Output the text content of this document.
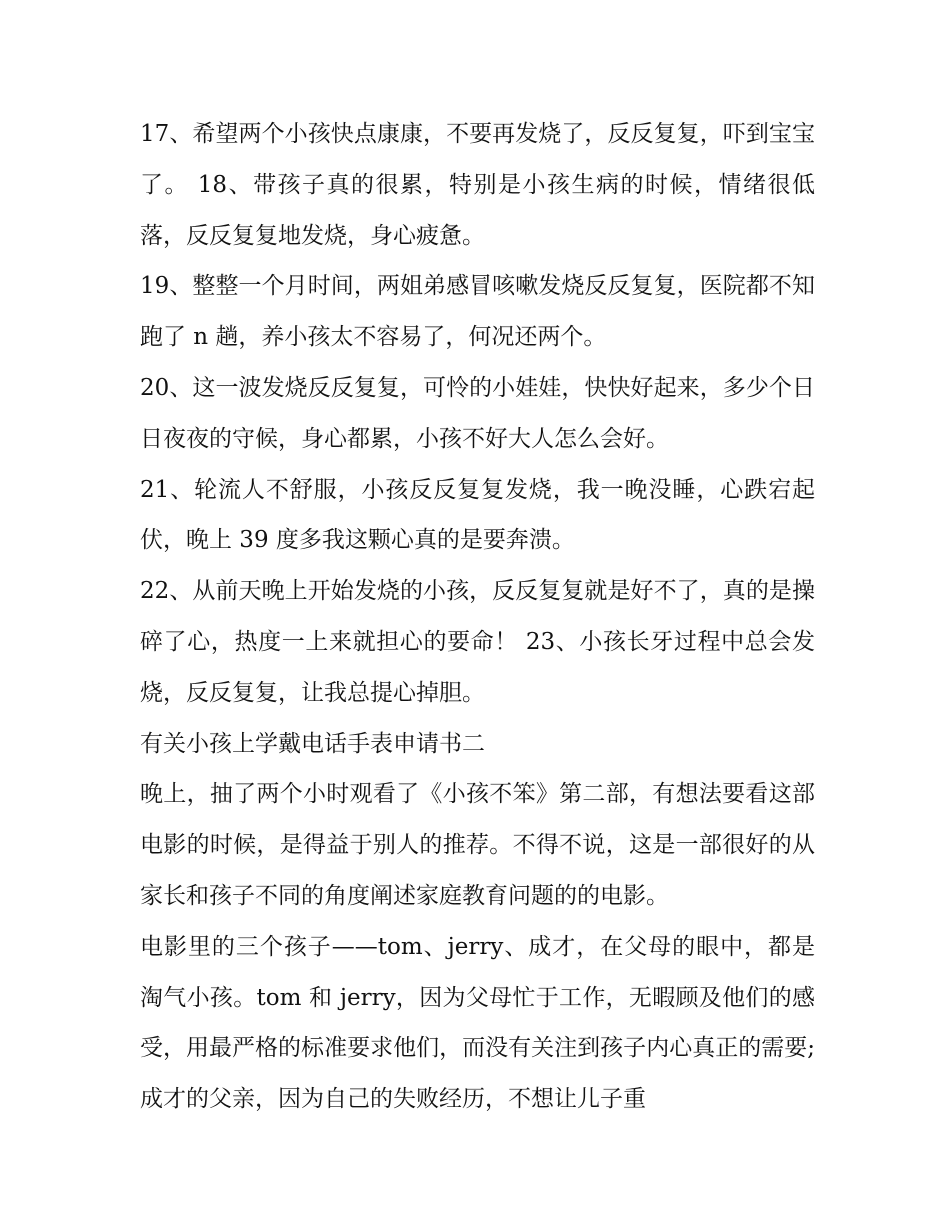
17、希望两个小孩快点康康，不要再发烧了，反反复复，吓到宝宝了。 18、带孩子真的很累，特别是小孩生病的时候，情绪很低落，反反复复地发烧，身心疲惫。

19、整整一个月时间，两姐弟感冒咳嗽发烧反反复复，医院都不知跑了 n 趟，养小孩太不容易了，何况还两个。

20、这一波发烧反反复复，可怜的小娃娃，快快好起来，多少个日日夜夜的守候，身心都累，小孩不好大人怎么会好。

21、轮流人不舒服，小孩反反复复发烧，我一晚没睡，心跌宕起伏，晚上 39 度多我这颗心真的是要奔溃。

22、从前天晚上开始发烧的小孩，反反复复就是好不了，真的是操碎了心，热度一上来就担心的要命！ 23、小孩长牙过程中总会发烧，反反复复，让我总提心掉胆。

有关小孩上学戴电话手表申请书二

晚上，抽了两个小时观看了《小孩不笨》第二部，有想法要看这部电影的时候，是得益于别人的推荐。不得不说，这是一部很好的从家长和孩子不同的角度阐述家庭教育问题的的电影。

电影里的三个孩子——tom、jerry、成才，在父母的眼中，都是淘气小孩。tom 和 jerry，因为父母忙于工作，无暇顾及他们的感受，用最严格的标准要求他们，而没有关注到孩子内心真正的需要;成才的父亲，因为自己的失败经历，不想让儿子重
